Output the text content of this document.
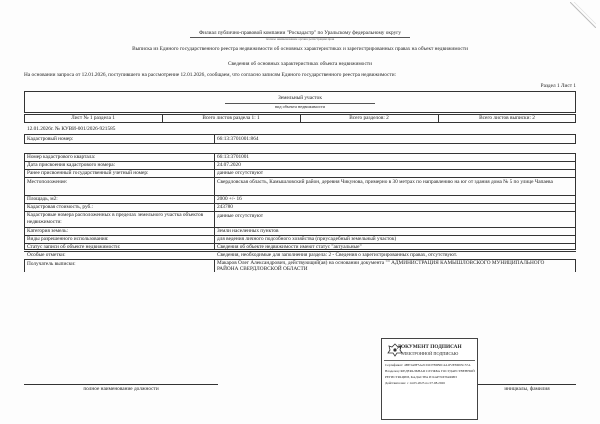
Филиал публично-правовой компании "Роскадастр" по Уральскому федеральному округу
полное наименование органа регистрации прав
Выписка из Единого государственного реестра недвижимости об основных характеристиках и зарегистрированных правах на объект недвижимости
Сведения об основных характеристиках объекта недвижимости
На основании запроса от 12.01.2026, поступившего на рассмотрение 12.01.2026, сообщаем, что согласно записям Единого государственного реестра недвижимости:
Раздел 1 Лист 1
Земельный участок
вид объекта недвижимости
Лист № 1 раздела 1	Всего листов раздела 1: 1	Всего разделов: 2	Всего листов выписки: 2
12.01.2026г. № КУВИ-001/2026-921585
Кадастровый номер:	66:13:3701001:864
Номер кадастрового квартала:	66:13:3701001
Дата присвоения кадастрового номера:	24.07.2020
Ранее присвоенный государственный учетный номер:	данные отсутствуют
Местоположение:	Свердловская область, Камышловский район, деревня Чикунова, примерно в 30 метрах по направлению на юг от здания дома № 5 по улице Чапаева
Площадь, м2:	2000 +/- 16
Кадастровая стоимость, руб.:	243780
Кадастровые номера расположенных в пределах земельного участка объектов недвижимости:
данные отсутствуют
Категория земель:	Земли населенных пунктов
Виды разрешенного использования:	для ведения личного подсобного хозяйства (приусадебный земельный участок)
Статус записи об объекте недвижимости:	Сведения об объекте недвижимости имеют статус "актуальные"
Особые отметки:	Сведения, необходимые для заполнения раздела: 2 - Сведения о зарегистрированных правах, отсутствуют.
Получатель выписки:	Макаров Олег Александрович, действующий(ая) на основании документа "" АДМИНИСТРАЦИЯ КАМЫШЛОВСКОГО МУНИЦИПАЛЬНОГО РАЙОНА СВЕРДЛОВСКОЙ ОБЛАСТИ
ДОКУМЕНТ ПОДПИСАН
ЭЛЕКТРОННОЙ ПОДПИСЬЮ
Сертификат: 4ВЕ3А8F5А2С91D7Е6В0С4А1F2Е8D93С57А
Владелец: ФЕДЕРАЛЬНАЯ СЛУЖБА ГОСУДАРСТВЕННОЙ
РЕГИСТРАЦИИ, КАДАСТРА И КАРТОГРАФИИ
Действителен: с 14.05.2025 по 07.08.2026
полное наименование должности	инициалы, фамилия
